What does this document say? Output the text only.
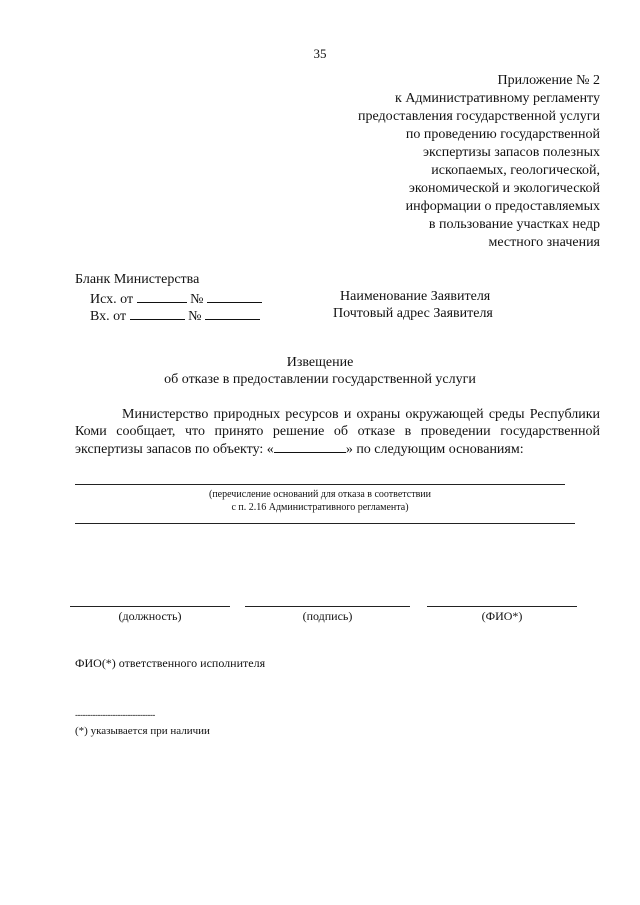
35
Приложение № 2
к Административному регламенту
предоставления государственной услуги
по проведению государственной
экспертизы запасов полезных
ископаемых, геологической,
экономической и экологической
информации о предоставляемых
в пользование участках недр
местного значения
Бланк Министерства
Исх. от	№
Вх. от	№
Наименование Заявителя
Почтовый адрес Заявителя
Извещение
об отказе в предоставлении государственной услуги
Министерство природных ресурсов и охраны окружающей среды Республики Коми сообщает, что принято решение об отказе в проведении государственной экспертизы запасов по объекту: «	» по следующим основаниям:
(перечисление оснований для отказа в соответствии
с п. 2.16 Административного регламента)
(должность)	(подпись)	(ФИО*)
ФИО(*) ответственного исполнителя
--------------------------------
(*) указывается при наличии
